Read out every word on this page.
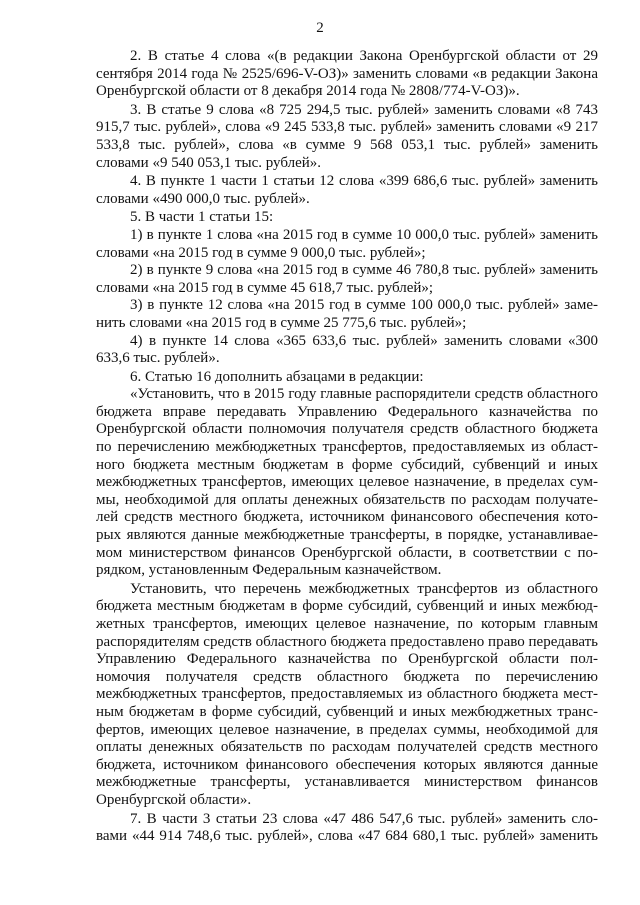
2

2. В статье 4 слова «(в редакции Закона Оренбургской области от 29 сентября 2014 года № 2525/696-V-ОЗ)» заменить словами «в редакции Закона Оренбургской области от 8 декабря 2014 года № 2808/774-V-ОЗ)».

3. В статье 9 слова «8 725 294,5 тыс. рублей» заменить словами «8 743 915,7 тыс. рублей», слова «9 245 533,8 тыс. рублей» заменить словами «9 217 533,8 тыс. рублей», слова «в сумме 9 568 053,1 тыс. рублей» заменить словами «9 540 053,1 тыс. рублей».

4. В пункте 1 части 1 статьи 12 слова «399 686,6 тыс. рублей» заменить словами «490 000,0 тыс. рублей».

5. В части 1 статьи 15:

1) в пункте 1 слова «на 2015 год в сумме 10 000,0 тыс. рублей» заменить словами «на 2015 год в сумме 9 000,0 тыс. рублей»;

2) в пункте 9 слова «на 2015 год в сумме 46 780,8 тыс. рублей» заменить словами «на 2015 год в сумме 45 618,7 тыс. рублей»;

3) в пункте 12 слова «на 2015 год в сумме 100 000,0 тыс. рублей» заменить словами «на 2015 год в сумме 25 775,6 тыс. рублей»;

4) в пункте 14 слова «365 633,6 тыс. рублей» заменить словами «300 633,6 тыс. рублей».

6. Статью 16 дополнить абзацами в редакции:

«Установить, что в 2015 году главные распорядители средств областного бюджета вправе передавать Управлению Федерального казначейства по Оренбургской области полномочия получателя средств областного бюджета по перечислению межбюджетных трансфертов, предоставляемых из областного бюджета местным бюджетам в форме субсидий, субвенций и иных межбюджетных трансфертов, имеющих целевое назначение, в пределах суммы, необходимой для оплаты денежных обязательств по расходам получателей средств местного бюджета, источником финансового обеспечения которых являются данные межбюджетные трансферты, в порядке, устанавливаемом министерством финансов Оренбургской области, в соответствии с порядком, установленным Федеральным казначейством.

Установить, что перечень межбюджетных трансфертов из областного бюджета местным бюджетам в форме субсидий, субвенций и иных межбюджетных трансфертов, имеющих целевое назначение, по которым главным распорядителям средств областного бюджета предоставлено право передавать Управлению Федерального казначейства по Оренбургской области полномочия получателя средств областного бюджета по перечислению межбюджетных трансфертов, предоставляемых из областного бюджета местным бюджетам в форме субсидий, субвенций и иных межбюджетных трансфертов, имеющих целевое назначение, в пределах суммы, необходимой для оплаты денежных обязательств по расходам получателей средств местного бюджета, источником финансового обеспечения которых являются данные межбюджетные трансферты, устанавливается министерством финансов Оренбургской области».

7. В части 3 статьи 23 слова «47 486 547,6 тыс. рублей» заменить словами «44 914 748,6 тыс. рублей», слова «47 684 680,1 тыс. рублей» заменить
